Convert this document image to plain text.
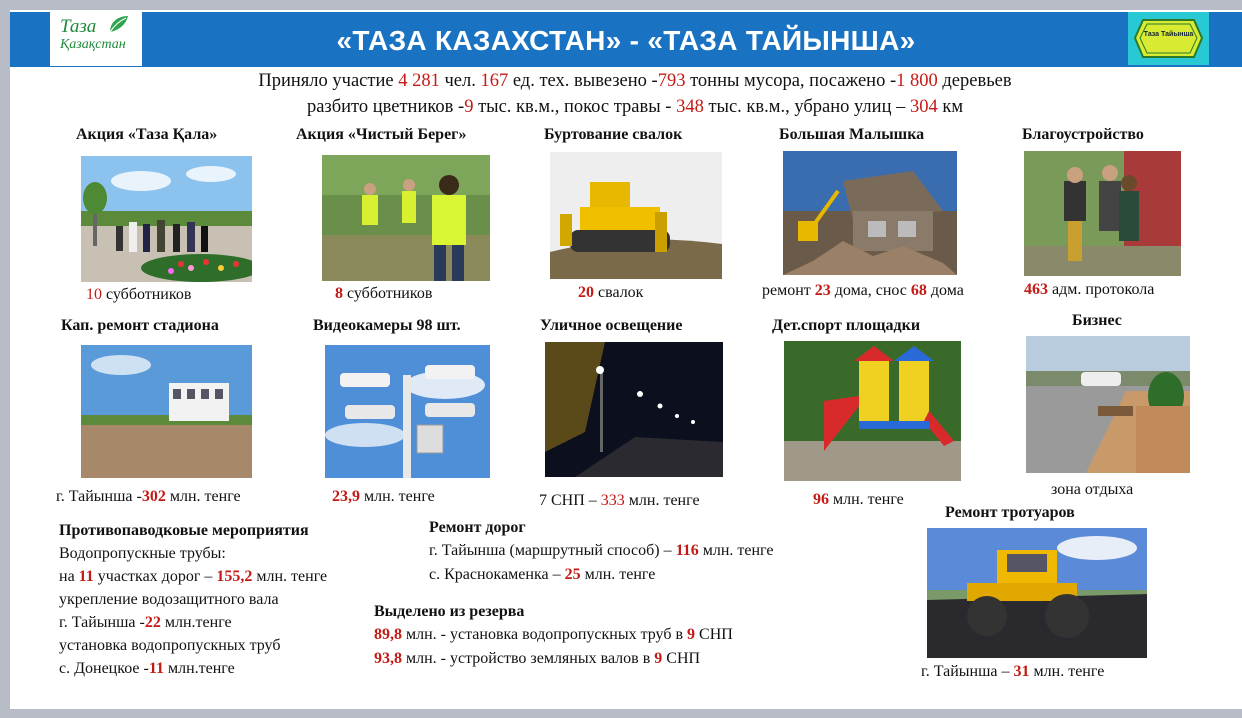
«ТАЗА КАЗАХСТАН» - «ТАЗА ТАЙЫНША»
Таза
Қазақстан
Таза Тайынша
Приняло участие 4 281 чел. 167 ед. тех. вывезено -793 тонны мусора, посажено -1 800 деревьев
разбито цветников -9 тыс. кв.м., покос травы - 348 тыс. кв.м., убрано улиц – 304 км
Акция «Таза Қала»
10 субботников
Акция «Чистый Берег»
8 субботников
Буртование свалок
20 свалок
Большая Малышка
ремонт 23 дома, снос 68 дома
Благоустройство
463 адм. протокола
Кап. ремонт стадиона
г. Тайынша -302 млн. тенге
Видеокамеры 98 шт.
23,9 млн. тенге
Уличное освещение
7 СНП – 333 млн. тенге
Дет.спорт площадки
96 млн. тенге
Бизнес
зона отдыха
Противопаводковые мероприятия
Водопропускные трубы:
на 11 участках дорог – 155,2 млн. тенге
укрепление водозащитного вала
г. Тайынша -22 млн.тенге
установка водопропускных труб
с. Донецкое -11 млн.тенге
Ремонт дорог
г. Тайынша (маршрутный способ) – 116 млн. тенге
с. Краснокаменка – 25 млн. тенге
Выделено из резерва
89,8 млн. - установка водопропускных труб в 9 СНП
93,8 млн. - устройство земляных валов в 9 СНП
Ремонт тротуаров
г. Тайынша – 31 млн. тенге
